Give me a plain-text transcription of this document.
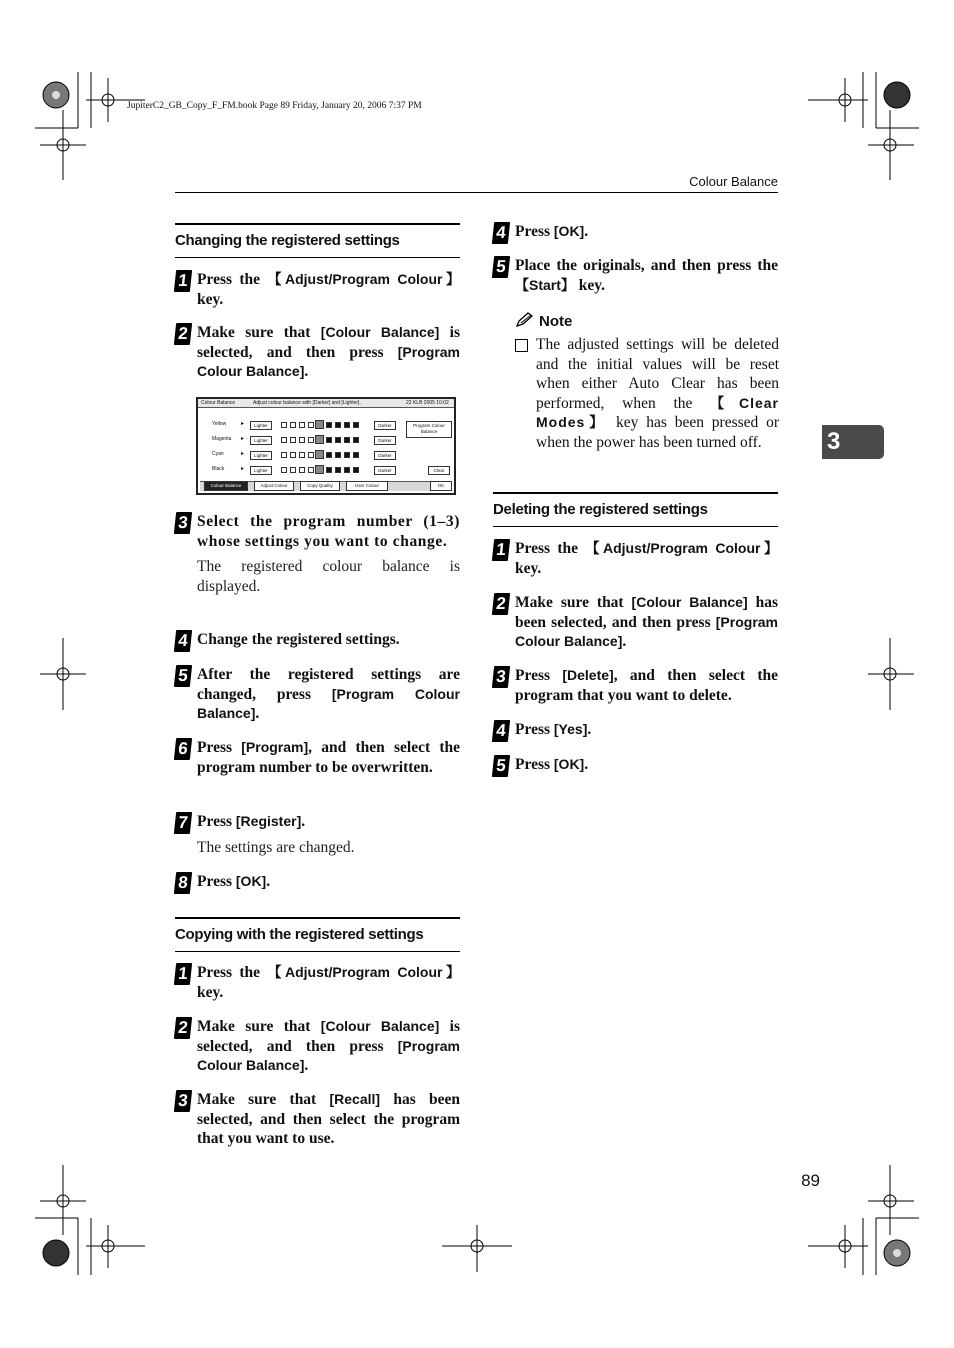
JupiterC2_GB_Copy_F_FM.book Page 89 Friday, January 20, 2006 7:37 PM
Colour Balance
3
89
Changing the registered settings
1 Press the 【Adjust/Program Colour】 key.
2 Make sure that [Colour Balance] is selected, and then press [Program Colour Balance].
Colour Balance	Adjust colour balance with [Darker] and [Lighter].	22 KLB 2005 10:02
Yellow ▸	Lighter	Darker
Magenta ▸	Lighter	Darker
Cyan	▸	Lighter	Darker
Black	▸	Lighter	Darker
Program Colour Balance
Clear
Colour Balance	Adjust Colour	Copy Quality	User Colour	OK
3 Select the program number (1–3) whose settings you want to change.
The registered colour balance is displayed.
4 Change the registered settings.
5 After the registered settings are changed, press [Program Colour Balance].
6 Press [Program], and then select the program number to be overwritten.
7 Press [Register].
The settings are changed.
8 Press [OK].
Copying with the registered settings
1 Press the 【Adjust/Program Colour】 key.
2 Make sure that [Colour Balance] is selected, and then press [Program Colour Balance].
3 Make sure that [Recall] has been selected, and then select the program that you want to use.
4 Press [OK].
5 Place the originals, and then press the 【Start】 key.
Note
The adjusted settings will be deleted and the initial values will be reset when either Auto Clear has been performed, when the 【Clear Modes】 key has been pressed or when the power has been turned off.
Deleting the registered settings
1 Press the 【Adjust/Program Colour】 key.
2 Make sure that [Colour Balance] has been selected, and then press [Program Colour Balance].
3 Press [Delete], and then select the program that you want to delete.
4 Press [Yes].
5 Press [OK].
